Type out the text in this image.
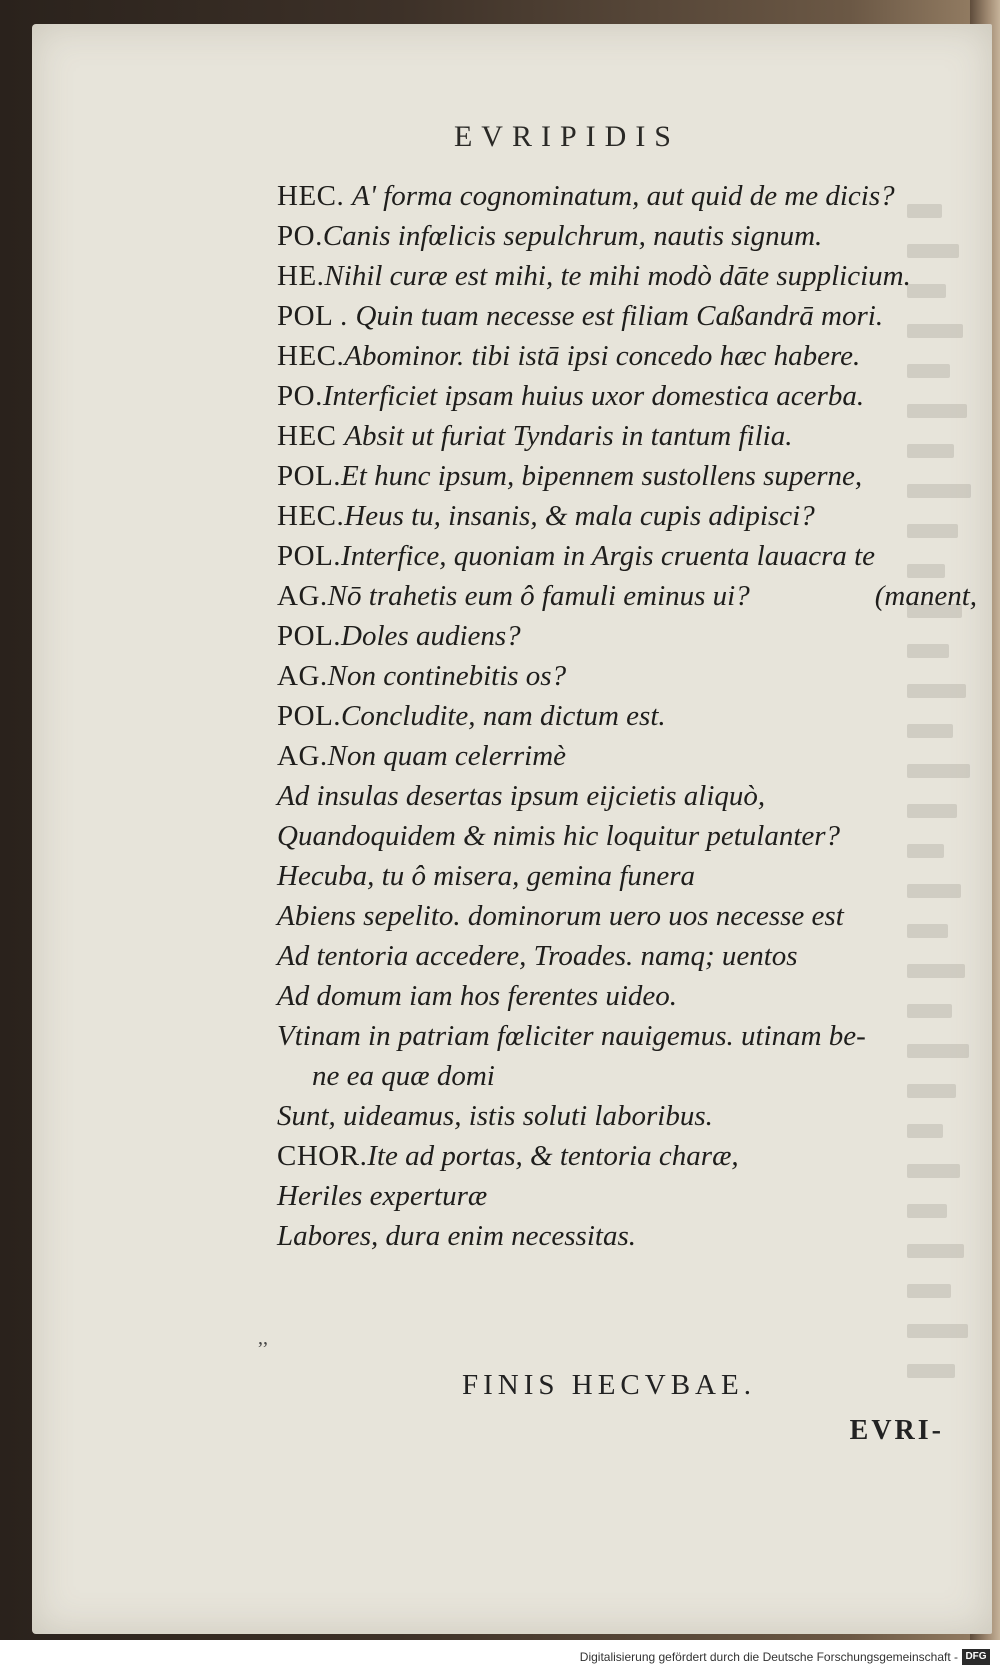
EVRIPIDIS
HEC. A' forma cognominatum, aut quid de me dicis?
PO.Canis infœlicis sepulchrum, nautis signum.
HE.Nihil curæ est mihi, te mihi modò dāte supplicium.
POL . Quin tuam necesse est filiam Caßandrā mori.
HEC.Abominor. tibi istā ipsi concedo hæc habere.
PO.Interficiet ipsam huius uxor domestica acerba.
HEC Absit ut furiat Tyndaris in tantum filia.
POL.Et hunc ipsum, bipennem sustollens superne,
HEC.Heus tu, insanis, & mala cupis adipisci?
POL.Interfice, quoniam in Argis cruenta lauacra te
AG.Nō trahetis eum ô famuli eminus ui?	(manent,
POL.Doles audiens?
AG.Non continebitis os?
POL.Concludite, nam dictum est.
AG.Non quam celerrimè
Ad insulas desertas ipsum eijcietis aliquò,
Quandoquidem & nimis hic loquitur petulanter?
Hecuba, tu ô misera, gemina funera
Abiens sepelito. dominorum uero uos necesse est
Ad tentoria accedere, Troades. namq; uentos
Ad domum iam hos ferentes uideo.
Vtinam in patriam fœliciter nauigemus. utinam be-
ne ea quæ domi
Sunt, uideamus, istis soluti laboribus.
CHOR.Ite ad portas, & tentoria charæ,
Heriles experturæ
Labores, dura enim necessitas.
,,
FINIS HECVBAE.
EVRI-
Digitalisierung gefördert durch die Deutsche Forschungsgemeinschaft - DFG
